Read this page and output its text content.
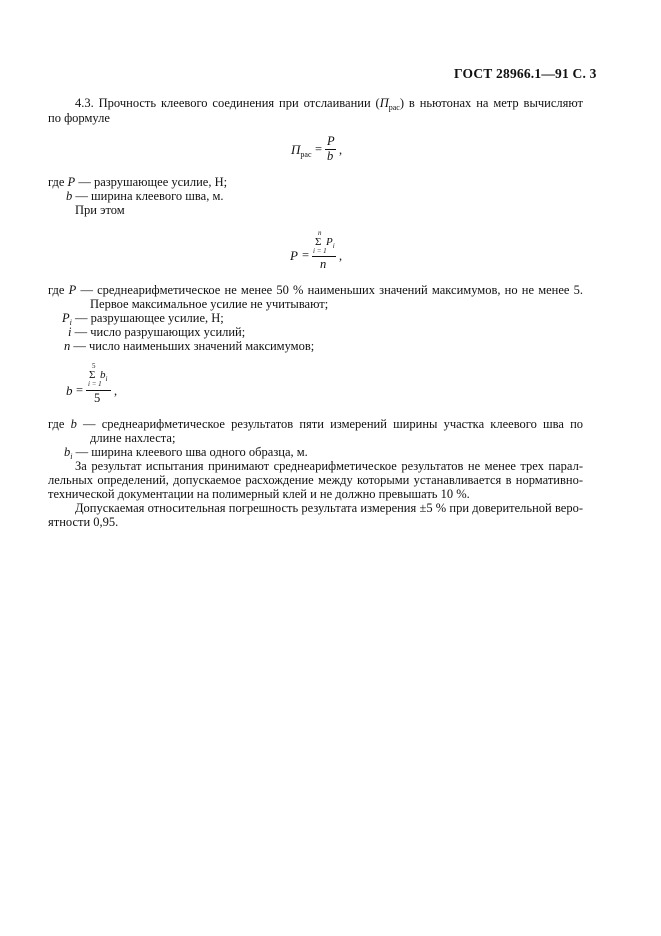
ГОСТ 28966.1—91 С. 3
4.3. Прочность клеевого соединения при отслаивании $(П_{рас})$ в ньютонах на метр вычисляют
по формуле
$П_{рас}$ =
P
b ,
где P — разрушающее усилие, Н;
b — ширина клеевого шва, м.
При этом
P =
n
Σ $P_i$
i = 1
n
,
где P — среднеарифметическое не менее 50 % наименьших значений максимумов, но не менее 5.
Первое максимальное усилие не учитывают;
$P_i$ — разрушающее усилие, Н;
i — число разрушающих усилий;
n — число наименьших значений максимумов;
b =
5
Σ $b_i$
i = 1
5 ,
где b — среднеарифметическое результатов пяти измерений ширины участка клеевого шва по
длине нахлеста;
$b_i$ — ширина клеевого шва одного образца, м.
За результат испытания принимают среднеарифметическое результатов не менее трех парал-
лельных определений, допускаемое расхождение между которыми устанавливается в нормативно-
технической документации на полимерный клей и не должно превышать 10 %.
Допускаемая относительная погрешность результата измерения ±5 % при доверительной веро-
ятности 0,95.
